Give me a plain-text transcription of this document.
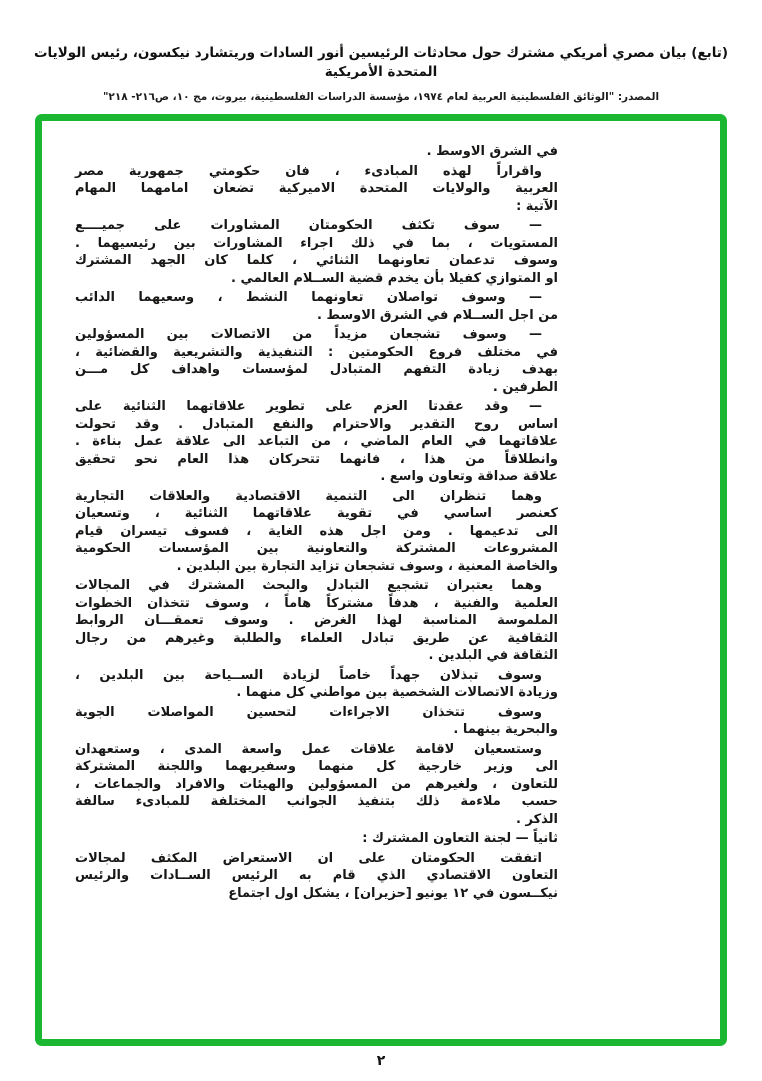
(تابع) بيان مصري أمريكي مشترك حول محادثات الرئيسين أنور السادات وريتشارد نيكسون، رئيس الولايات المتحدة الأمريكية
المصدر: "الوثائق الفلسطينية العربية لعام ١٩٧٤، مؤسسة الدراسات الفلسطينية، بيروت، مج ١٠، ص٢١٦- ٢١٨"
في الشرق الاوسط .
واقراراً لهذه المبادىء ، فان حكومتي جمهورية مصر
العربية والولايات المتحدة الاميركية تضعان امامهما المهام
الآتية :
— سوف تكثف الحكومتان المشاورات على جميــــع
المستويات ، بما في ذلك اجراء المشاورات بين رئيسيهما .
وسوف تدعمان تعاونهما الثنائي ، كلما كان الجهد المشترك
او المتوازي كفيلا بأن يخدم قضية الســلام العالمي .
— وسوف تواصلان تعاونهما النشط ، وسعيهما الدائب
من اجل الســلام في الشرق الاوسط .
— وسوف تشجعان مزيداً من الاتصالات بين المسؤولين
في مختلف فروع الحكومتين : التنفيذية والتشريعية والقضائية ،
بهدف زيادة التفهم المتبادل لمؤسسات واهداف كل مـــن
الطرفين .
— وقد عقدتا العزم على تطوير علاقاتهما الثنائية على
اساس روح التقدير والاحترام والنفع المتبادل . وقد تحولت
علاقاتهما في العام الماضي ، من التباعد الى علاقة عمل بناءة .
وانطلاقاً من هذا ، فانهما تتحركان هذا العام نحو تحقيق
علاقة صداقة وتعاون واسع .
وهما تنظران الى التنمية الاقتصادية والعلاقات التجارية
كعنصر اساسي في تقوية علاقاتهما الثنائية ، وتسعيان
الى تدعيمها . ومن اجل هذه الغاية ، فسوف تيسران قيام
المشروعات المشتركة والتعاونية بين المؤسسات الحكومية
والخاصة المعنية ، وسوف تشجعان تزايد التجارة بين البلدين .
وهما يعتبران تشجيع التبادل والبحث المشترك في المجالات
العلمية والفنية ، هدفاً مشتركاً هاماً ، وسوف تتخذان الخطوات
الملموسة المناسبة لهذا الغرض . وسوف تعمقـــان الروابط
الثقافية عن طريق تبادل العلماء والطلبة وغيرهم من رجال
الثقافة في البلدين .
وسوف تبذلان جهداً خاصاً لزيادة الســياحة بين البلدين ،
وزيادة الاتصالات الشخصية بين مواطني كل منهما .
وسوف تتخذان الاجراءات لتحسين المواصلات الجوية
والبحرية بينهما .
وستسعيان لاقامة علاقات عمل واسعة المدى ، وستعهدان
الى وزير خارجية كل منهما وسفيريهما واللجنة المشتركة
للتعاون ، ولغيرهم من المسؤولين والهيئات والافراد والجماعات ،
حسب ملاءمة ذلك بتنفيذ الجوانب المختلفة للمبادىء سالفة
الذكر .
ثانياً — لجنة التعاون المشترك :
اتفقت الحكومتان على ان الاستعراض المكثف لمجالات
التعاون الاقتصادي الذي قام به الرئيس الســادات والرئيس
نيكــسون في ١٢ يونيو [حزيران] ، يشكل اول اجتماع
٢
